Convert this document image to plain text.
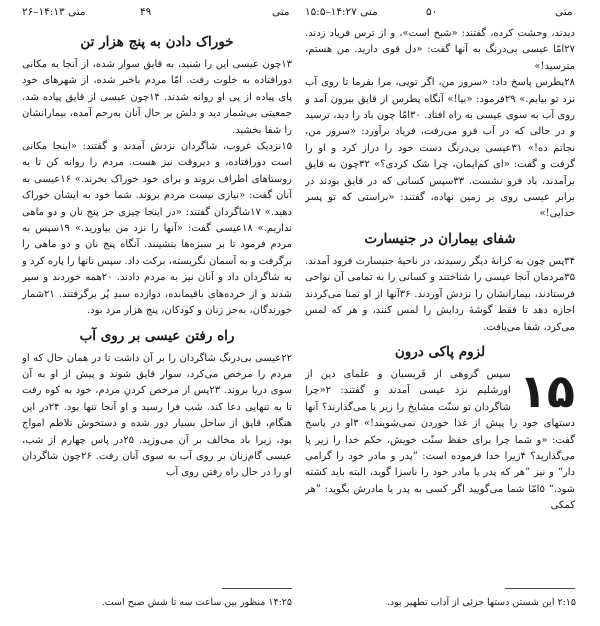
متی ۱۴:۱۳–۲۶	۴۹	متی متی ۱۴:۲۷–۱۵:۵	۵۰	متی
خوراک دادن به پنج هزار تن

۱۳چون عیسی این را شنید، به قایق سوار شده، از آنجا به مکانی دورافتاده به خلوت رفت. امّا مردم باخبر شده، از شهرهای خود پای پیاده از پی او روانه شدند. ۱۴چون عیسی از قایق پیاده شد، جمعیتی بی‌شمار دید و دلش بر حال آنان به‌رحم آمده، بیمارانشان را شفا بخشید.

۱۵نزدیک غروب، شاگردان نزدش آمدند و گفتند: «اینجا مکانی است دورافتاده، و دیروقت نیز هست. مردم را روانه کن تا به روستاهای اطراف بروند و برای خود خوراک بخرند.» ۱۶عیسی به آنان گفت: «نیازی نیست مردم بروند. شما خود به ایشان خوراک دهید.» ۱۷شاگردان گفتند: «در اینجا چیزی جز پنج نان و دو ماهی نداریم.» ۱۸عیسی گفت: «آنها را نزد من بیاورید.» ۱۹سپس به مردم فرمود تا بر سبزه‌ها بنشینند. آنگاه پنج نان و دو ماهی را برگرفت و به آسمان نگریسته، برکت داد. سپس نانها را پاره کرد و به شاگردان داد و آنان نیز به مردم دادند. ۲۰همه خوردند و سیر شدند و از خرده‌های باقیمانده، دوازده سبدِ پُر برگرفتند. ۲۱شمار خورندگان، به‌جز زنان و کودکان، پنج هزار مرد بود.

راه رفتن عیسی بر روی آب

۲۲عیسی بی‌درنگ شاگردان را بر آن داشت تا در همان حال که او مردم را مرخص می‌کرد، سوار قایق شوند و پیش از او به آن سوی دریا بروند. ۲۳پس از مرخص کردنِ مردم، خود به کوه رفت تا به تنهایی دعا کند. شب فرا رسید و او آنجا تنها بود. ۲۴در این هنگام، قایق از ساحل بسیار دور شده و دستخوش تلاطم امواج بود، زیرا باد مخالف بر آن می‌وزید. ۲۵در پاس چهارم از شب، عیسی گام‌زنان بر روی آب به سوی آنان رفت. ۲۶چون شاگردان او را در حال راه رفتن روی آب

دیدند، وحشت کرده، گفتند: «شبح است»، و از ترس فریاد زدند. ۲۷امّا عیسی بی‌درنگ به آنها گفت: «دل قوی دارید. من هستم، مترسید!»

۲۸پطرس پاسخ داد: «سرور من، اگر تویی، مرا بفرما تا روی آب نزد تو بیایم.» ۲۹فرمود: «بیا!» آنگاه پطرس از قایق بیرون آمد و روی آب به سوی عیسی به راه افتاد. ۳۰امّا چون باد را دید، ترسید و در حالی که در آب فرو می‌رفت، فریاد برآورد: «سرور من، نجاتم ده!» ۳۱عیسی بی‌درنگ دست خود را دراز کرد و او را گرفت و گفت: «ای کم‌ایمان، چرا شک کردی؟» ۳۲چون به قایق برآمدند، باد فرو نشست. ۳۳سپس کسانی که در قایق بودند در برابر عیسی روی بر زمین نهاده، گفتند: «براستی که تو پسر خدایی!»

شفای بیماران در جنیسارت

۳۴پس چون به کرانهٔ دیگر رسیدند، در ناحیهٔ جنیسارت فرود آمدند. ۳۵مردمان آنجا عیسی را شناختند و کسانی را به تمامی آن نواحی فرستادند، بیمارانشان را نزدش آوردند. ۳۶آنها از او تمنا می‌کردند اجازه دهد تا فقط گوشهٔ ردایش را لمس کنند، و هر که لمس می‌کرد، شفا می‌یافت.

لزوم پاکی درون

۱۵
سپس گروهی از فَریسیان و علمای دین از اورشلیم نزد عیسی آمدند و گفتند: ۲«چرا شاگردان تو سنّت مشایخ را زیر پا می‌گذارند؟ آنها دستهای خود را پیش از غذا خوردن نمی‌شویند!» ۳او در پاسخ گفت: «و شما چرا برای حفظ سنّت خویش، حکم خدا را زیر پا می‌گذارید؟ ۴زیرا خدا فرموده است: ”پدر و مادر خود را گرامی دار“ و نیز ”هر که پدر یا مادر خود را ناسزا گوید، البته باید کشته شود.“ ۵امّا شما می‌گویید اگر کسی به پدر یا مادرش بگوید: ”هر کمکی

۱۴:۲۵ منظور بین ساعت سه تا شش صبح است.	۲:۱۵ این شستن دستها جزئی از آداب تطهیر بود.
